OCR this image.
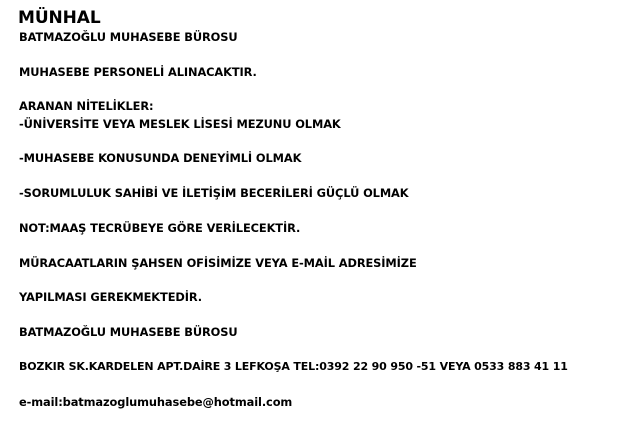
MÜNHAL
BATMAZOĞLU MUHASEBE BÜROSU
MUHASEBE PERSONELİ ALINACAKTIR.
ARANAN NİTELİKLER:
-ÜNİVERSİTE VEYA MESLEK LİSESİ MEZUNU OLMAK
-MUHASEBE KONUSUNDA DENEYİMLİ OLMAK
-SORUMLULUK SAHİBİ VE İLETİŞİM BECERİLERİ GÜÇLÜ OLMAK
NOT:MAAŞ TECRÜBEYE GÖRE VERİLECEKTİR.
MÜRACAATLARIN ŞAHSEN OFİSİMİZE VEYA E-MAİL ADRESİMİZE
YAPILMASI GEREKMEKTEDİR.
BATMAZOĞLU MUHASEBE BÜROSU
BOZKIR SK.KARDELEN APT.DAİRE 3 LEFKOŞA TEL:0392 22 90 950 -51 VEYA 0533 883 41 11
e-mail:batmazoglumuhasebe@hotmail.com
